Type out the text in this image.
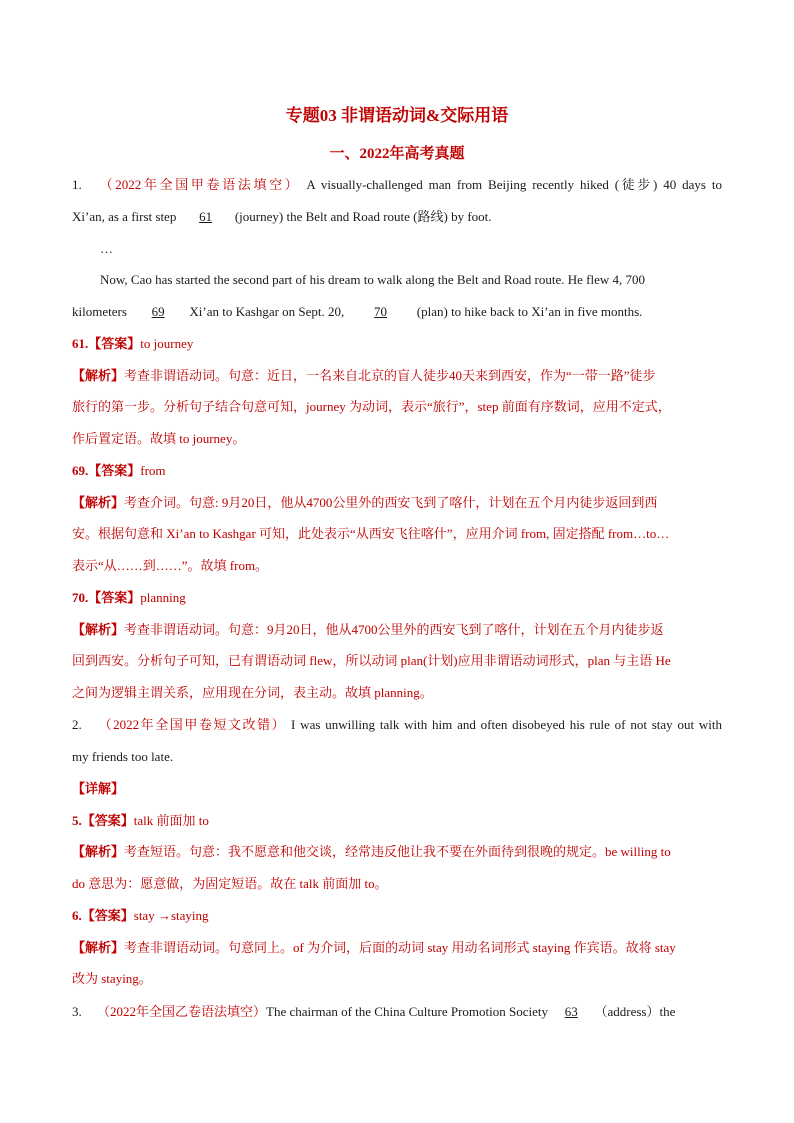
专题03 非谓语动词&交际用语
一、2022年高考真题
1. （2022年全国甲卷语法填空） A visually-challenged man from Beijing recently hiked (徒步) 40 days to
Xi’an, as a first step 61 (journey) the Belt and Road route (路线) by foot.
…
Now, Cao has started the second part of his dream to walk along the Belt and Road route. He flew 4, 700
kilometers 69 Xi’an to Kashgar on Sept. 20, 70 (plan) to hike back to Xi’an in five months.
61.【答案】to journey
【解析】考查非谓语动词。句意：近日，一名来自北京的盲人徒步40天来到西安，作为“一带一路”徒步
旅行的第一步。分析句子结合句意可知，journey 为动词，表示“旅行”，step 前面有序数词，应用不定式，
作后置定语。故填 to journey。
69.【答案】from
【解析】考查介词。句意: 9月20日，他从4700公里外的西安飞到了喀什，计划在五个月内徒步返回到西
安。根据句意和 Xi’an to Kashgar 可知，此处表示“从西安飞往喀什”，应用介词 from, 固定搭配 from…to…
表示“从……到……”。故填 from。
70.【答案】planning
【解析】考查非谓语动词。句意：9月20日，他从4700公里外的西安飞到了喀什，计划在五个月内徒步返
回到西安。分析句子可知，已有谓语动词 flew，所以动词 plan(计划)应用非谓语动词形式，plan 与主语 He
之间为逻辑主谓关系，应用现在分词，表主动。故填 planning。
2. （2022年全国甲卷短文改错） I was unwilling talk with him and often disobeyed his rule of not stay out with
my friends too late.
【详解】
5.【答案】talk 前面加 to
【解析】考查短语。句意：我不愿意和他交谈，经常违反他让我不要在外面待到很晚的规定。be willing to
do 意思为：愿意做，为固定短语。故在 talk 前面加 to。
6.【答案】stay →staying
【解析】考查非谓语动词。句意同上。of 为介词，后面的动词 stay 用动名词形式 staying 作宾语。故将 stay
改为 staying。
3. （2022年全国乙卷语法填空）The chairman of the China Culture Promotion Society 63 （address）the
